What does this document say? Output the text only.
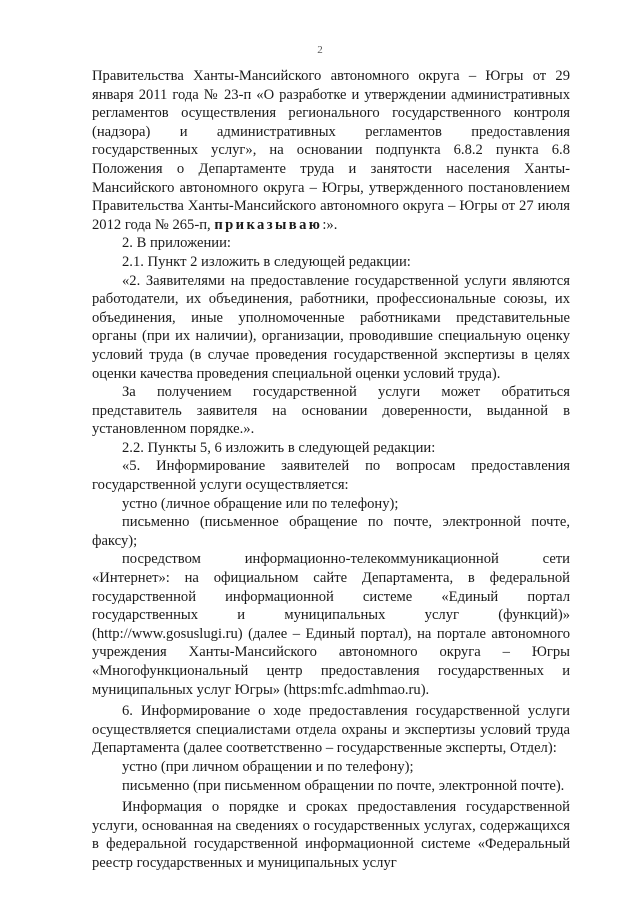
2

Правительства Ханты-Мансийского автономного округа – Югры от 29 января 2011 года № 23-п «О разработке и утверждении административных регламентов осуществления регионального государственного контроля (надзора) и административных регламентов предоставления государственных услуг», на основании подпункта 6.8.2 пункта 6.8 Положения о Департаменте труда и занятости населения Ханты-Мансийского автономного округа – Югры, утвержденного постановлением Правительства Ханты-Мансийского автономного округа – Югры от 27 июля 2012 года № 265-п, приказываю:».

2. В приложении:

2.1. Пункт 2 изложить в следующей редакции:

«2. Заявителями на предоставление государственной услуги являются работодатели, их объединения, работники, профессиональные союзы, их объединения, иные уполномоченные работниками представительные органы (при их наличии), организации, проводившие специальную оценку условий труда (в случае проведения государственной экспертизы в целях оценки качества проведения специальной оценки условий труда).

За получением государственной услуги может обратиться представитель заявителя на основании доверенности, выданной в установленном порядке.».

2.2. Пункты 5, 6 изложить в следующей редакции:

«5. Информирование заявителей по вопросам предоставления государственной услуги осуществляется:

устно (личное обращение или по телефону);

письменно (письменное обращение по почте, электронной почте, факсу);

посредством информационно-телекоммуникационной сети «Интернет»: на официальном сайте Департамента, в федеральной государственной информационной системе «Единый портал государственных и муниципальных услуг (функций)» (http://www.gosuslugi.ru) (далее – Единый портал), на портале автономного учреждения Ханты-Мансийского автономного округа – Югры «Многофункциональный центр предоставления государственных и муниципальных услуг Югры» (https:mfc.admhmao.ru).

6. Информирование о ходе предоставления государственной услуги осуществляется специалистами отдела охраны и экспертизы условий труда Департамента (далее соответственно – государственные эксперты, Отдел):

устно (при личном обращении и по телефону);

письменно (при письменном обращении по почте, электронной почте).

Информация о порядке и сроках предоставления государственной услуги, основанная на сведениях о государственных услугах, содержащихся в федеральной государственной информационной системе «Федеральный реестр государственных и муниципальных услуг
